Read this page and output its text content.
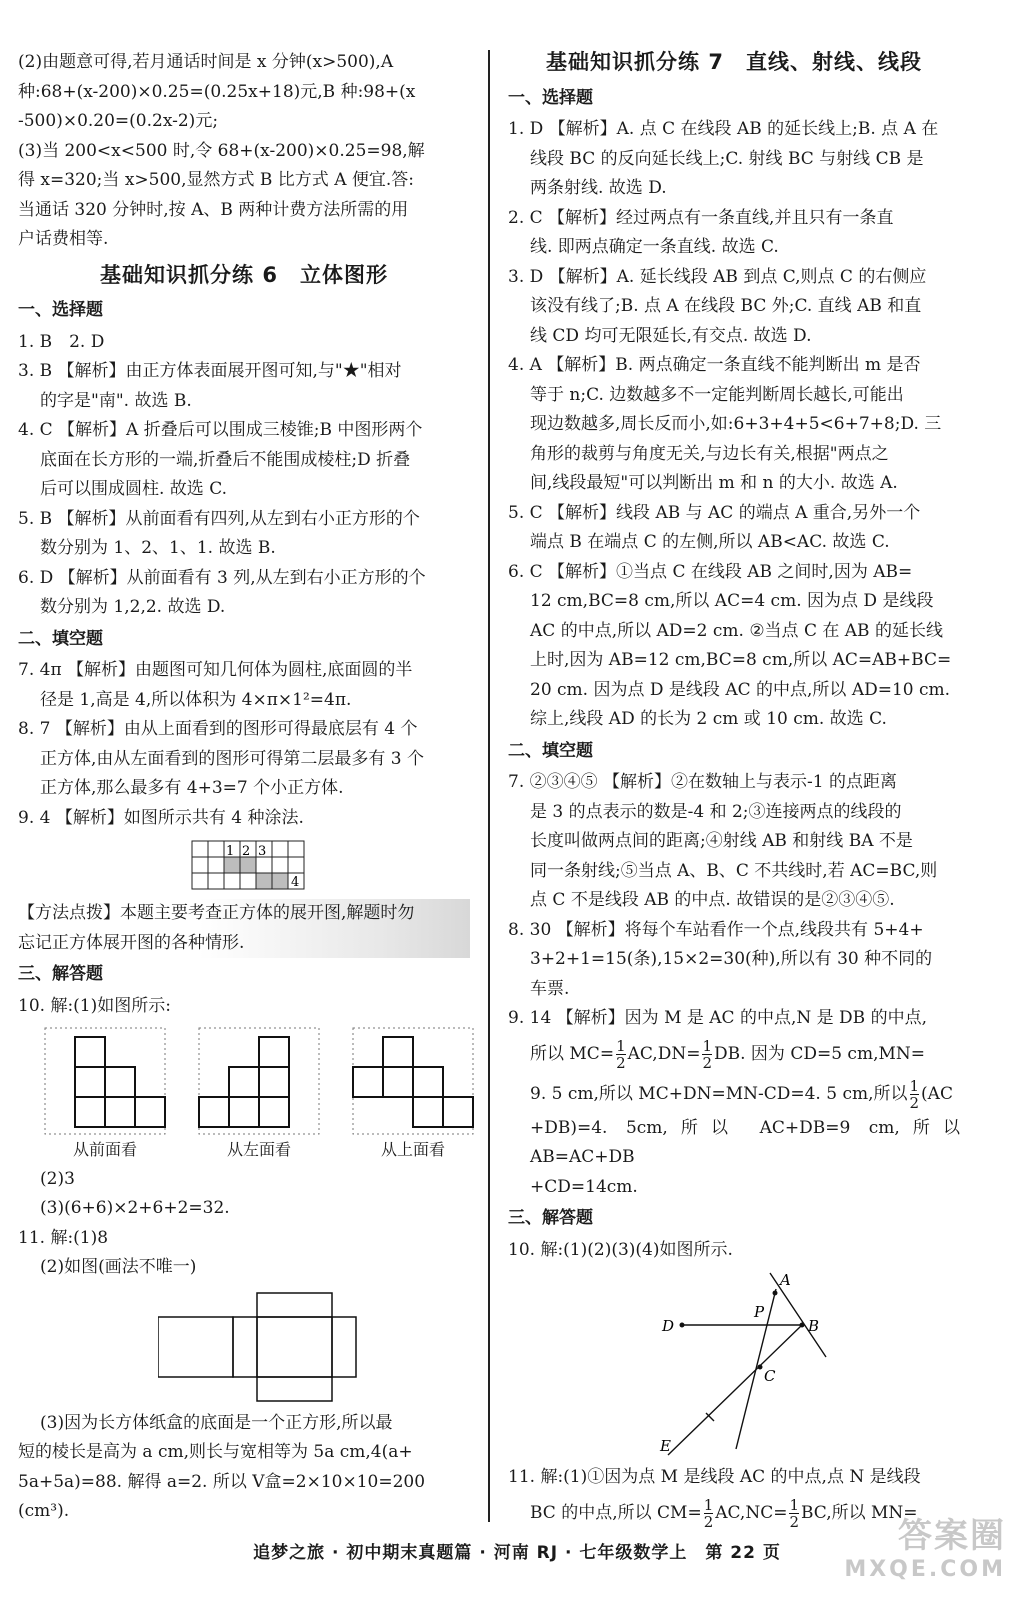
(2)由题意可得,若月通话时间是 x 分钟(x>500),A

种:68+(x-200)×0.25=(0.25x+18)元,B 种:98+(x

-500)×0.20=(0.2x-2)元;

(3)当 200<x<500 时,令 68+(x-200)×0.25=98,解

得 x=320;当 x>500,显然方式 B 比方式 A 便宜.答:

当通话 320 分钟时,按 A、B 两种计费方法所需的用

户话费相等.

基础知识抓分练 6　立体图形
一、选择题

1. B　2. D

3. B 【解析】由正方体表面展开图可知,与"★"相对

的字是"南". 故选 B.

4. C 【解析】A 折叠后可以围成三棱锥;B 中图形两个

底面在长方形的一端,折叠后不能围成棱柱;D 折叠

后可以围成圆柱. 故选 C.

5. B 【解析】从前面看有四列,从左到右小正方形的个

数分别为 1、2、1、1. 故选 B.

6. D 【解析】从前面看有 3 列,从左到右小正方形的个

数分别为 1,2,2. 故选 D.

二、填空题

7. 4π 【解析】由题图可知几何体为圆柱,底面圆的半

径是 1,高是 4,所以体积为 4×π×1²=4π.

8. 7 【解析】由从上面看到的图形可得最底层有 4 个

正方体,由从左面看到的图形可得第二层最多有 3 个

正方体,那么最多有 4+3=7 个小正方体.

9. 4 【解析】如图所示共有 4 种涂法.

1 2 3
4

【方法点拨】本题主要考查正方体的展开图,解题时勿

忘记正方体展开图的各种情形.

三、解答题

10. 解:(1)如图所示:

从前面看	从左面看	从上面看

(2)3

(3)(6+6)×2+6+2=32.

11. 解:(1)8

(2)如图(画法不唯一)

(3)因为长方体纸盒的底面是一个正方形,所以最

短的棱长是高为 a cm,则长与宽相等为 5a cm,4(a+

5a+5a)=88. 解得 a=2. 所以 V盒=2×10×10=200

(cm³).

基础知识抓分练 7　直线、射线、线段
一、选择题

1. D 【解析】A. 点 C 在线段 AB 的延长线上;B. 点 A 在

线段 BC 的反向延长线上;C. 射线 BC 与射线 CB 是

两条射线. 故选 D.

2. C 【解析】经过两点有一条直线,并且只有一条直

线. 即两点确定一条直线. 故选 C.

3. D 【解析】A. 延长线段 AB 到点 C,则点 C 的右侧应

该没有线了;B. 点 A 在线段 BC 外;C. 直线 AB 和直

线 CD 均可无限延长,有交点. 故选 D.

4. A 【解析】B. 两点确定一条直线不能判断出 m 是否

等于 n;C. 边数越多不一定能判断周长越长,可能出

现边数越多,周长反而小,如:6+3+4+5<6+7+8;D. 三

角形的裁剪与角度无关,与边长有关,根据"两点之

间,线段最短"可以判断出 m 和 n 的大小. 故选 A.

5. C 【解析】线段 AB 与 AC 的端点 A 重合,另外一个

端点 B 在端点 C 的左侧,所以 AB<AC. 故选 C.

6. C 【解析】①当点 C 在线段 AB 之间时,因为 AB=

12 cm,BC=8 cm,所以 AC=4 cm. 因为点 D 是线段

AC 的中点,所以 AD=2 cm. ②当点 C 在 AB 的延长线

上时,因为 AB=12 cm,BC=8 cm,所以 AC=AB+BC=

20 cm. 因为点 D 是线段 AC 的中点,所以 AD=10 cm.

综上,线段 AD 的长为 2 cm 或 10 cm. 故选 C.

二、填空题

7. ②③④⑤ 【解析】②在数轴上与表示-1 的点距离

是 3 的点表示的数是-4 和 2;③连接两点的线段的

长度叫做两点间的距离;④射线 AB 和射线 BA 不是

同一条射线;⑤当点 A、B、C 不共线时,若 AC=BC,则

点 C 不是线段 AB 的中点. 故错误的是②③④⑤.

8. 30 【解析】将每个车站看作一个点,线段共有 5+4+

3+2+1=15(条),15×2=30(种),所以有 30 种不同的

车票.

9. 14 【解析】因为 M 是 AC 的中点,N 是 DB 的中点,

所以 $MC= \frac{1}{2} AC,DN= \frac{1}{2}$ DB. 因为 CD=5 cm,MN=

9. 5 cm,所以 MC+DN=MN-CD=4. 5 cm,所以 $\frac{1}{2} (AC$

+DB)=4. 5cm,所以 AC+DB=9 cm,所以 AB=AC+DB

+CD=14cm.

三、解答题

10. 解:(1)(2)(3)(4)如图所示.

A
B
C
D
E
P

11. 解:(1)①因为点 M 是线段 AC 的中点,点 N 是线段

BC 的中点,所以 $CM= \frac{1}{2} AC,NC= \frac{1}{2}$ BC,所以 MN=

追梦之旅 · 初中期末真题篇 · 河南 RJ · 七年级数学上　第 22 页	答案圈
MXQE.COM
